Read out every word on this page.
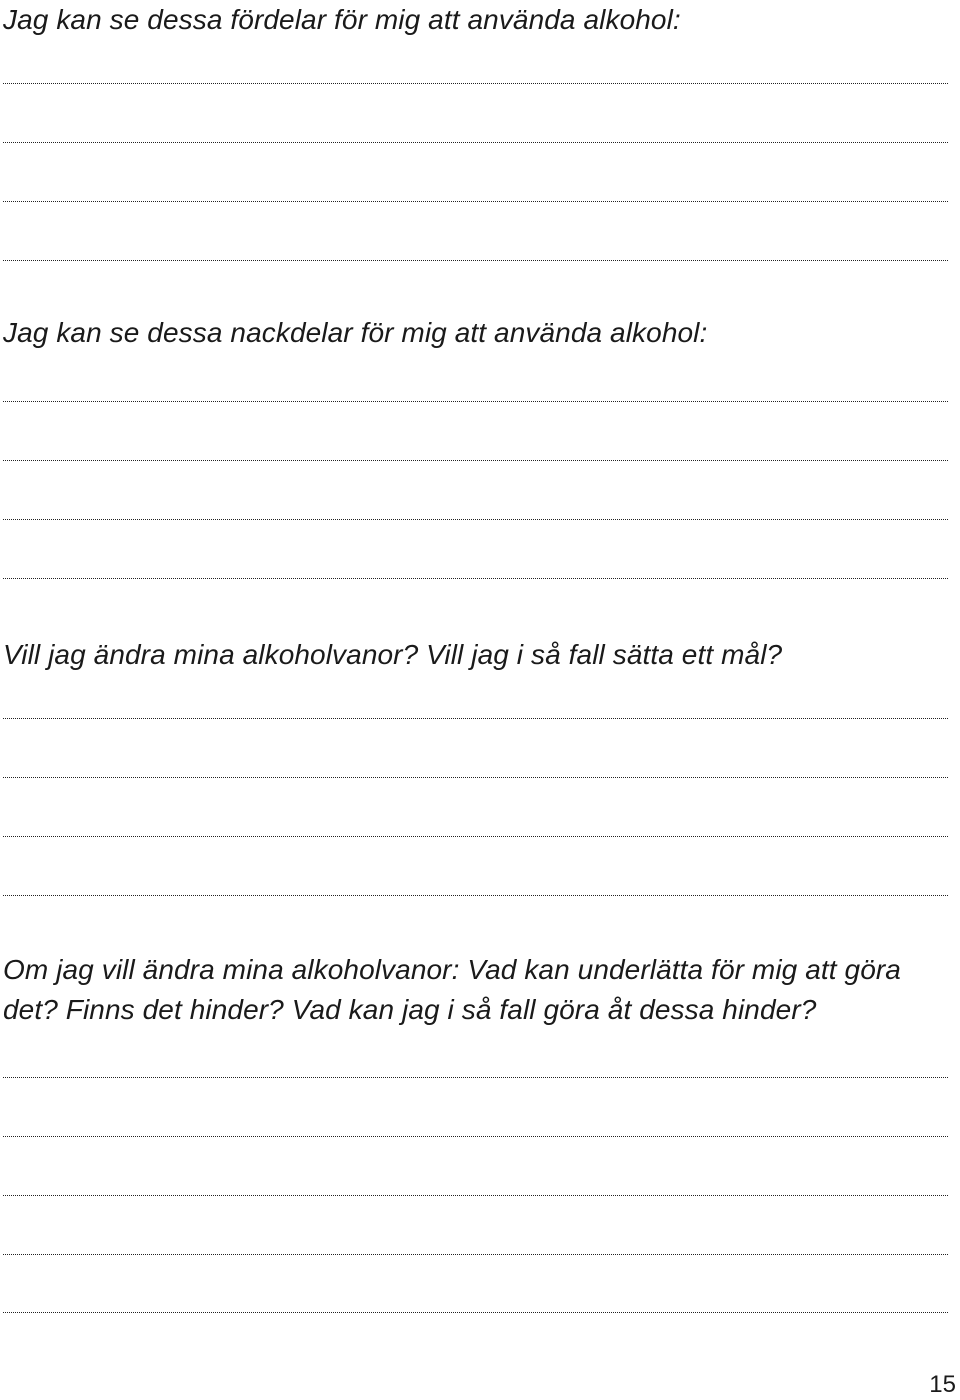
Jag kan se dessa fördelar för mig att använda alkohol:
Jag kan se dessa nackdelar för mig att använda alkohol:
Vill jag ändra mina alkoholvanor? Vill jag i så fall sätta ett mål?
Om jag vill ändra mina alkoholvanor: Vad kan underlätta för mig att göra det? Finns det hinder? Vad kan jag i så fall göra åt dessa hinder?
15
